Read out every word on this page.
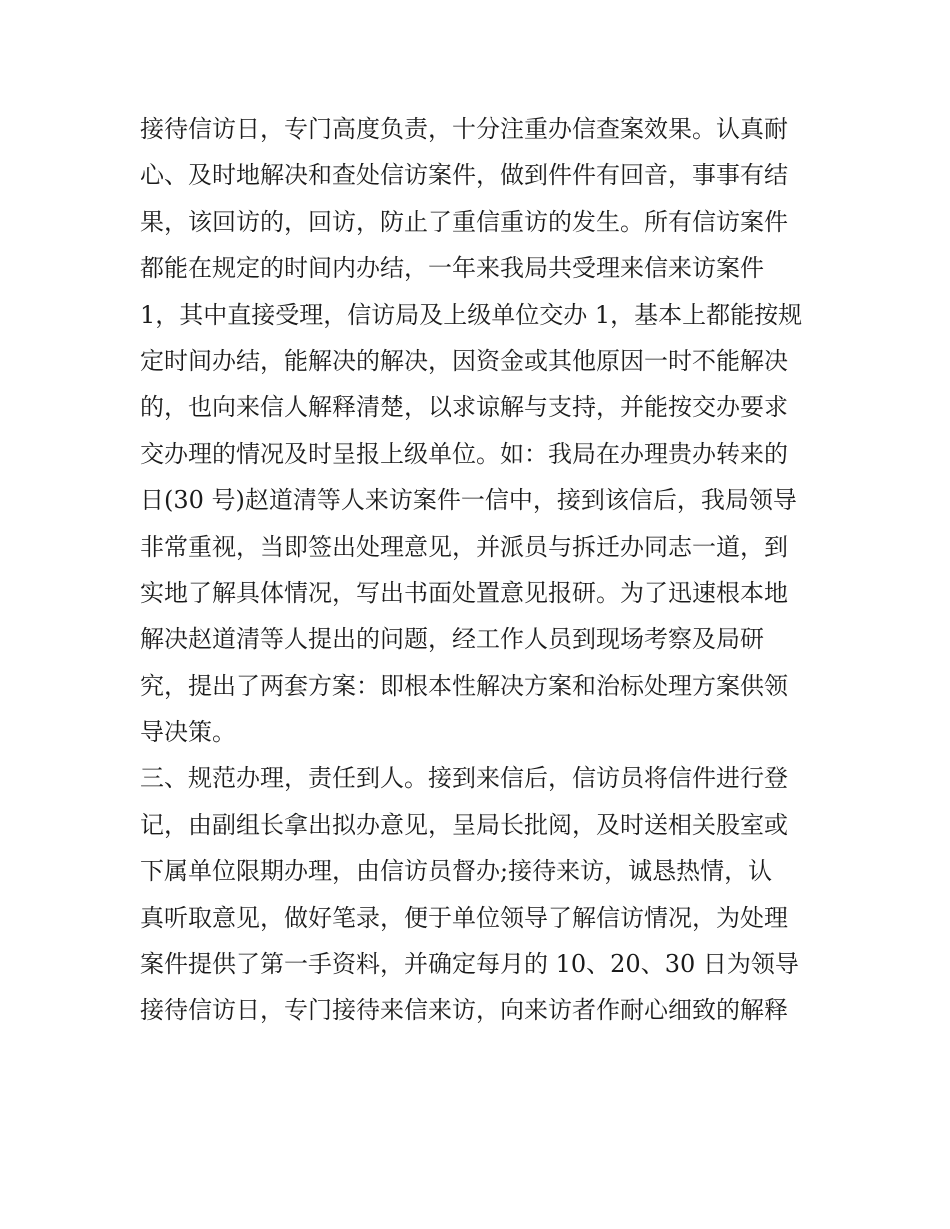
接待信访日，专门高度负责，十分注重办信查案效果。认真耐
心、及时地解决和查处信访案件，做到件件有回音，事事有结
果，该回访的，回访，防止了重信重访的发生。所有信访案件
都能在规定的时间内办结，一年来我局共受理来信来访案件
1，其中直接受理，信访局及上级单位交办 1，基本上都能按规
定时间办结，能解决的解决，因资金或其他原因一时不能解决
的，也向来信人解释清楚，以求谅解与支持，并能按交办要求
交办理的情况及时呈报上级单位。如：我局在办理贵办转来的
日(30 号)赵道清等人来访案件一信中，接到该信后，我局领导
非常重视，当即签出处理意见，并派员与拆迁办同志一道，到
实地了解具体情况，写出书面处置意见报研。为了迅速根本地
解决赵道清等人提出的问题，经工作人员到现场考察及局研
究，提出了两套方案：即根本性解决方案和治标处理方案供领
导决策。
三、规范办理，责任到人。接到来信后，信访员将信件进行登
记，由副组长拿出拟办意见，呈局长批阅，及时送相关股室或
下属单位限期办理，由信访员督办;接待来访，诚恳热情，认
真听取意见，做好笔录，便于单位领导了解信访情况，为处理
案件提供了第一手资料，并确定每月的 10、20、30 日为领导
接待信访日，专门接待来信来访，向来访者作耐心细致的解释
